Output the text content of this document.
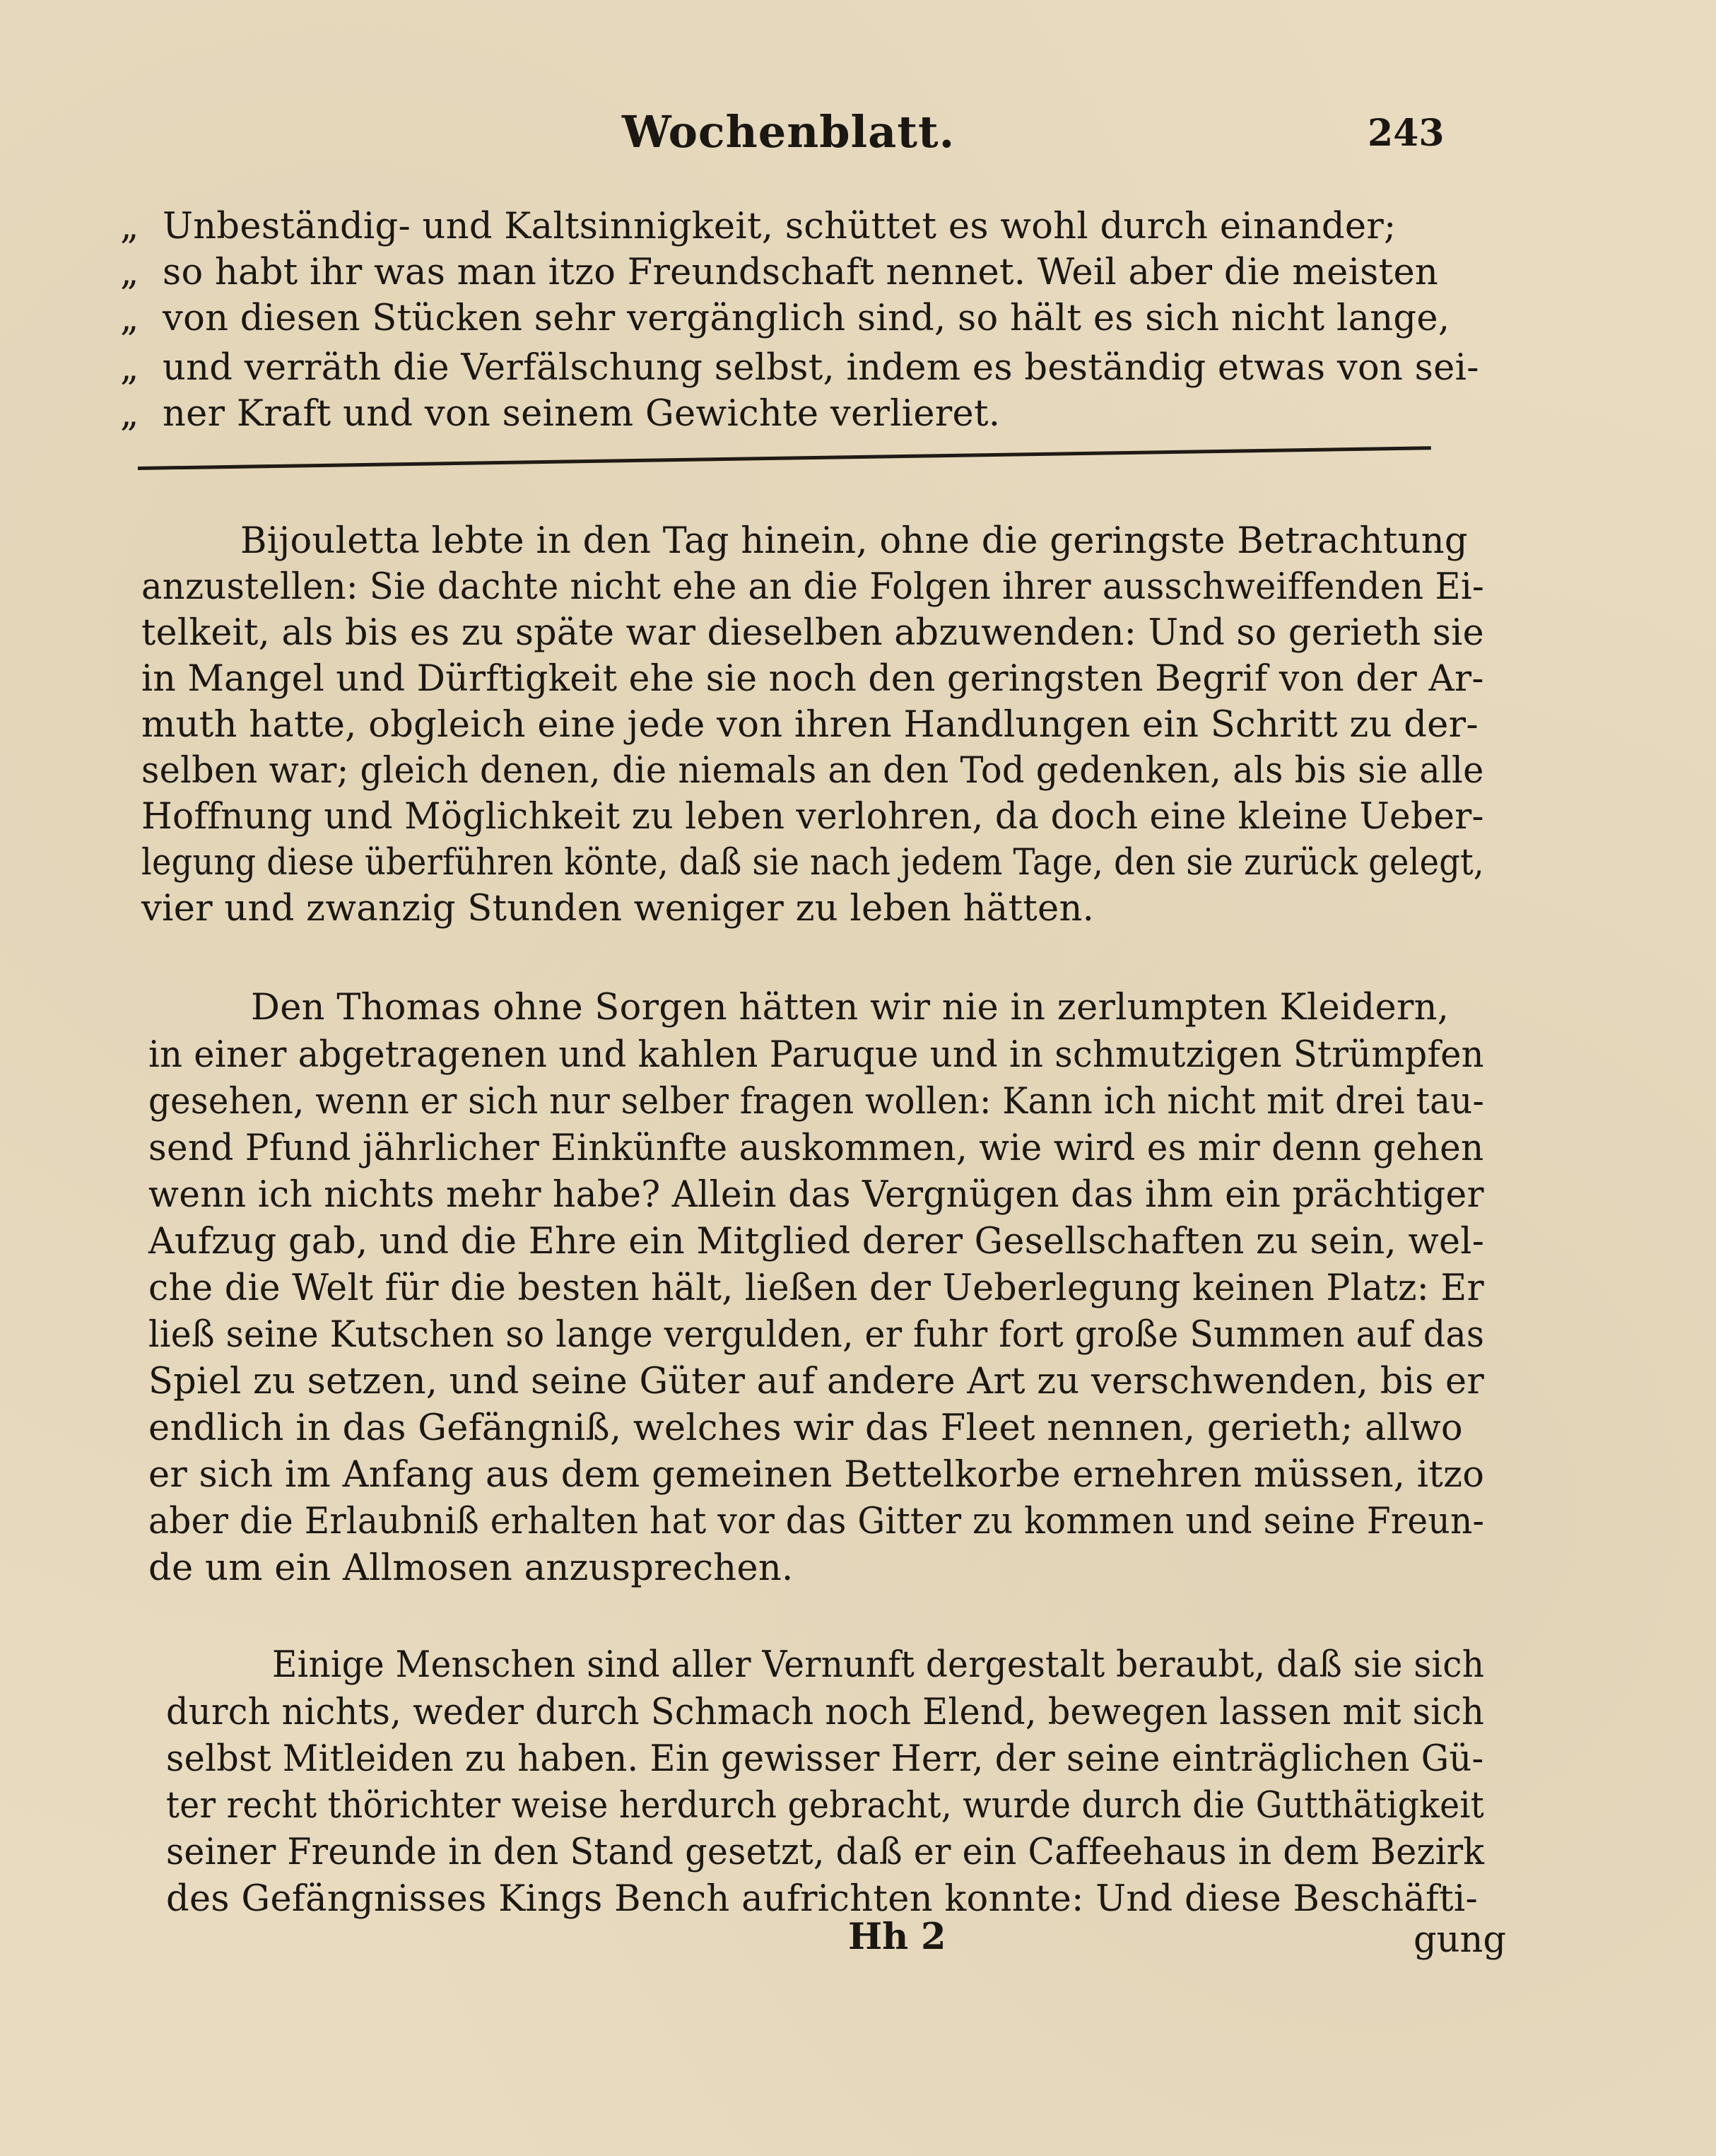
Wochenblatt.	243
„ Unbeständig- und Kaltsinnigkeit, schüttet es wohl durch einander;
„ so habt ihr was man itzo Freundschaft nennet. Weil aber die meisten
„ von diesen Stücken sehr vergänglich sind, so hält es sich nicht lange,
„ und verräth die Verfälschung selbst, indem es beständig etwas von sei-
„ ner Kraft und von seinem Gewichte verlieret.
Bijouletta lebte in den Tag hinein, ohne die geringste Betrachtung
anzustellen: Sie dachte nicht ehe an die Folgen ihrer ausschweiffenden Ei-
telkeit, als bis es zu späte war dieselben abzuwenden: Und so gerieth sie
in Mangel und Dürftigkeit ehe sie noch den geringsten Begrif von der Ar-
muth hatte, obgleich eine jede von ihren Handlungen ein Schritt zu der-
selben war; gleich denen, die niemals an den Tod gedenken, als bis sie alle
Hoffnung und Möglichkeit zu leben verlohren, da doch eine kleine Ueber-
legung diese überführen könte, daß sie nach jedem Tage, den sie zurück gelegt,
vier und zwanzig Stunden weniger zu leben hätten.
Den Thomas ohne Sorgen hätten wir nie in zerlumpten Kleidern,
in einer abgetragenen und kahlen Paruque und in schmutzigen Strümpfen
gesehen, wenn er sich nur selber fragen wollen: Kann ich nicht mit drei tau-
send Pfund jährlicher Einkünfte auskommen, wie wird es mir denn gehen
wenn ich nichts mehr habe? Allein das Vergnügen das ihm ein prächtiger
Aufzug gab, und die Ehre ein Mitglied derer Gesellschaften zu sein, wel-
che die Welt für die besten hält, ließen der Ueberlegung keinen Platz: Er
ließ seine Kutschen so lange vergulden, er fuhr fort große Summen auf das
Spiel zu setzen, und seine Güter auf andere Art zu verschwenden, bis er
endlich in das Gefängniß, welches wir das Fleet nennen, gerieth; allwo
er sich im Anfang aus dem gemeinen Bettelkorbe ernehren müssen, itzo
aber die Erlaubniß erhalten hat vor das Gitter zu kommen und seine Freun-
de um ein Allmosen anzusprechen.
Einige Menschen sind aller Vernunft dergestalt beraubt, daß sie sich
durch nichts, weder durch Schmach noch Elend, bewegen lassen mit sich
selbst Mitleiden zu haben. Ein gewisser Herr, der seine einträglichen Gü-
ter recht thörichter weise herdurch gebracht, wurde durch die Gutthätigkeit
seiner Freunde in den Stand gesetzt, daß er ein Caffeehaus in dem Bezirk
des Gefängnisses Kings Bench aufrichten konnte: Und diese Beschäfti-
Hh 2	gung
